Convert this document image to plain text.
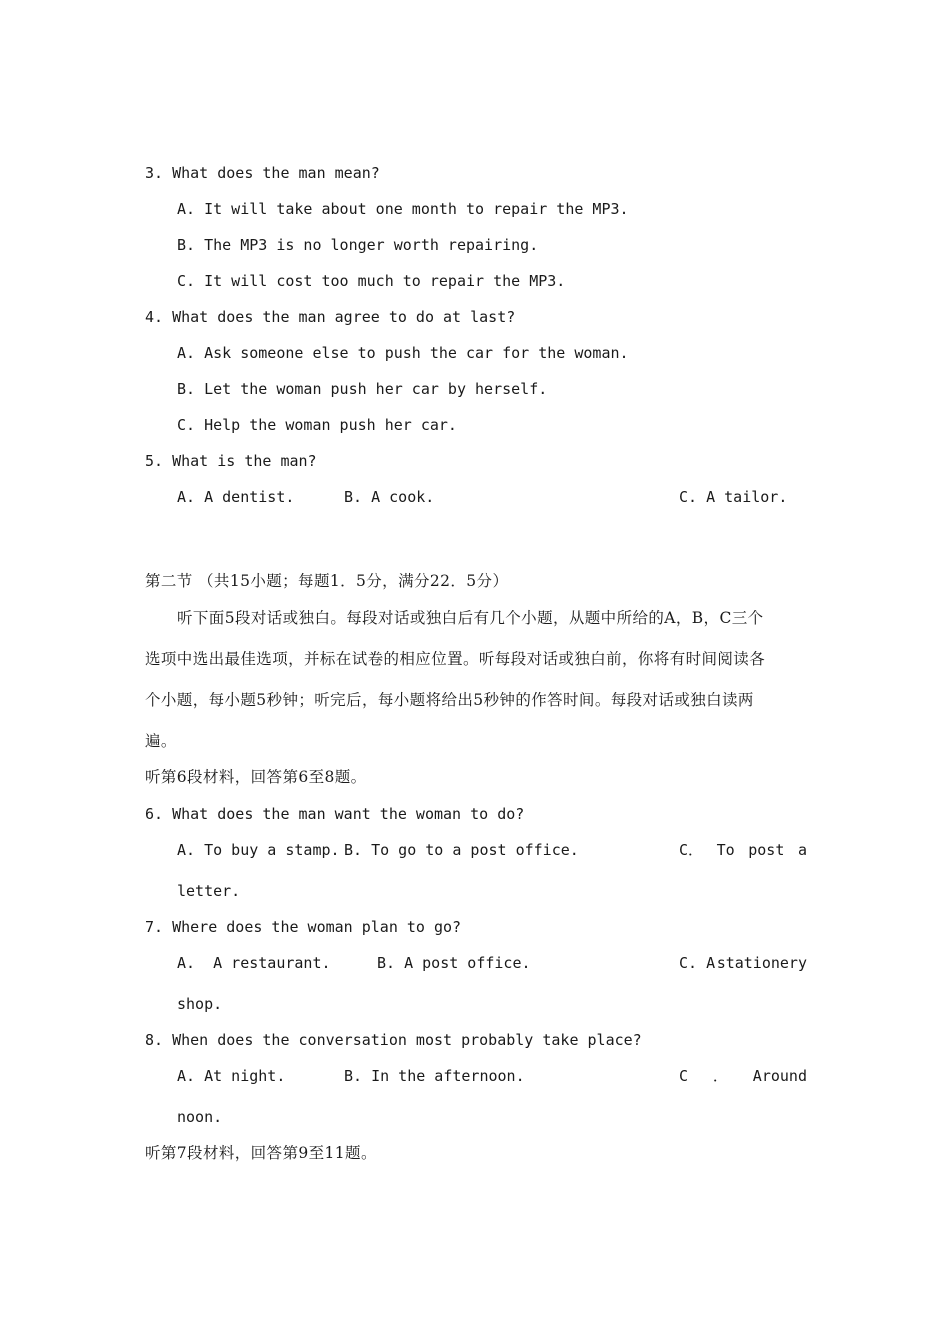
3. What does the man mean?
A. It will take about one month to repair the MP3.
B. The MP3 is no longer worth repairing.
C. It will cost too much to repair the MP3.
4. What does the man agree to do at last?
A. Ask someone else to push the car for the woman.
B. Let the woman push her car by herself.
C. Help the woman push her car.
5. What is the man?
A. A dentist.	B. A cook.	C. A tailor.
第二节 （共15小题；每题1．5分，满分22．5分）
听下面5段对话或独白。每段对话或独白后有几个小题，从题中所给的A，B，C三个
选项中选出最佳选项，并标在试卷的相应位置。听每段对话或独白前，你将有时间阅读各
个小题，每小题5秒钟；听完后，每小题将给出5秒钟的作答时间。每段对话或独白读两
遍。
听第6段材料，回答第6至8题。
6. What does the man want the woman to do?
A. To buy a stamp. B. To go to a post office.	C． To post a
letter.
7. Where does the woman plan to go?
A.  A restaurant.	B. A post office.	C. A stationery
shop.
8. When does the conversation most probably take place?
A. At night.	B. In the afternoon.	C ． Around
noon.
听第7段材料，回答第9至11题。
